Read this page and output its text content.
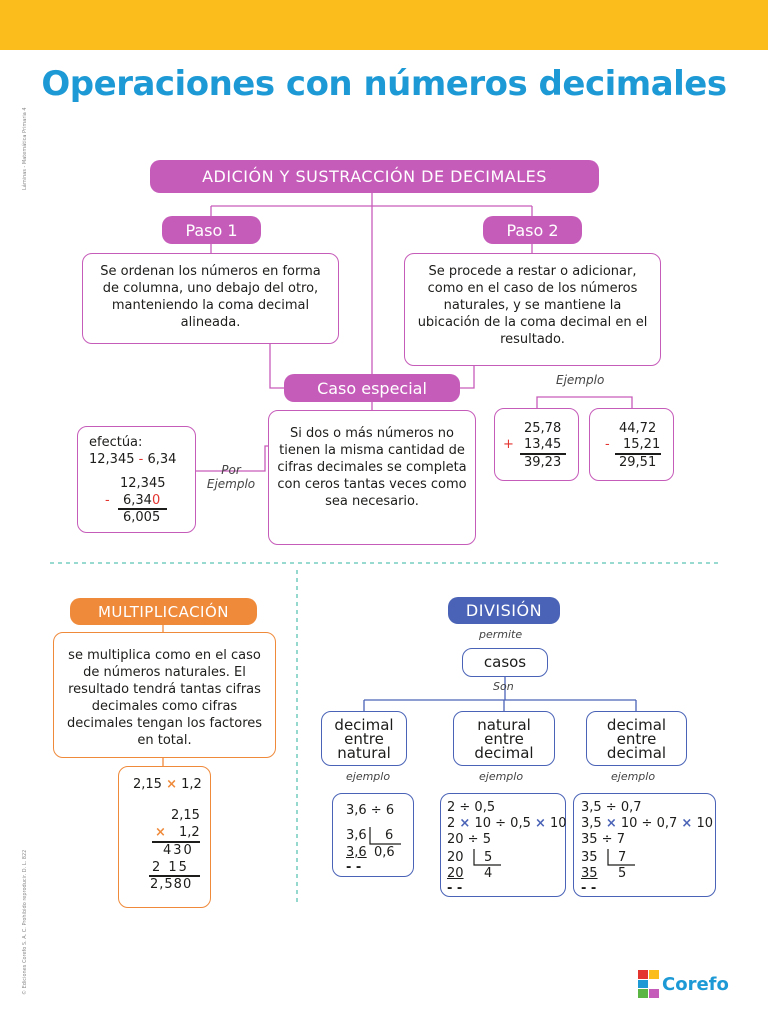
Operaciones con números decimales
Láminas - Matemática Primaria 4
© Ediciones Corefo S. A. C. Prohibido reproducir. D. L. 822
ADICIÓN Y SUSTRACCIÓN DE DECIMALES
Paso 1	Paso 2
Se ordenan los números en forma de columna, uno debajo del otro, manteniendo la coma decimal alineada.
Se procede a restar o adicionar, como en el caso de los números naturales, y se mantiene la ubicación de la coma decimal en el resultado.
Caso especial
Si dos o más números no tienen la misma cantidad de cifras decimales se completa con ceros tantas veces como sea necesario.
Por Ejemplo
efectúa:
12,345 - 6,34
12,345
- 6,340
6,005
Ejemplo
25,78
+ 13,45
39,23
44,72
- 15,21
29,51
MULTIPLICACIÓN
se multiplica como en el caso de números naturales. El resultado tendrá tantas cifras decimales como cifras decimales tengan los factores en total.
2,15 × 1,2
2,15
× 1,2
430
2 15
2,580
DIVISIÓN
permite
casos
Son
decimal entre natural
natural entre decimal
decimal entre decimal
ejemplo	ejemplo	ejemplo
3,6 ÷ 6
3,6 6
3,6 0,6
- -
2 ÷ 0,5
2 × 10 ÷ 0,5 × 10
20 ÷ 5
20 5
20 4
- -
3,5 ÷ 0,7
3,5 × 10 ÷ 0,7 × 10
35 ÷ 7
35 7
35 5
- -
Corefo
